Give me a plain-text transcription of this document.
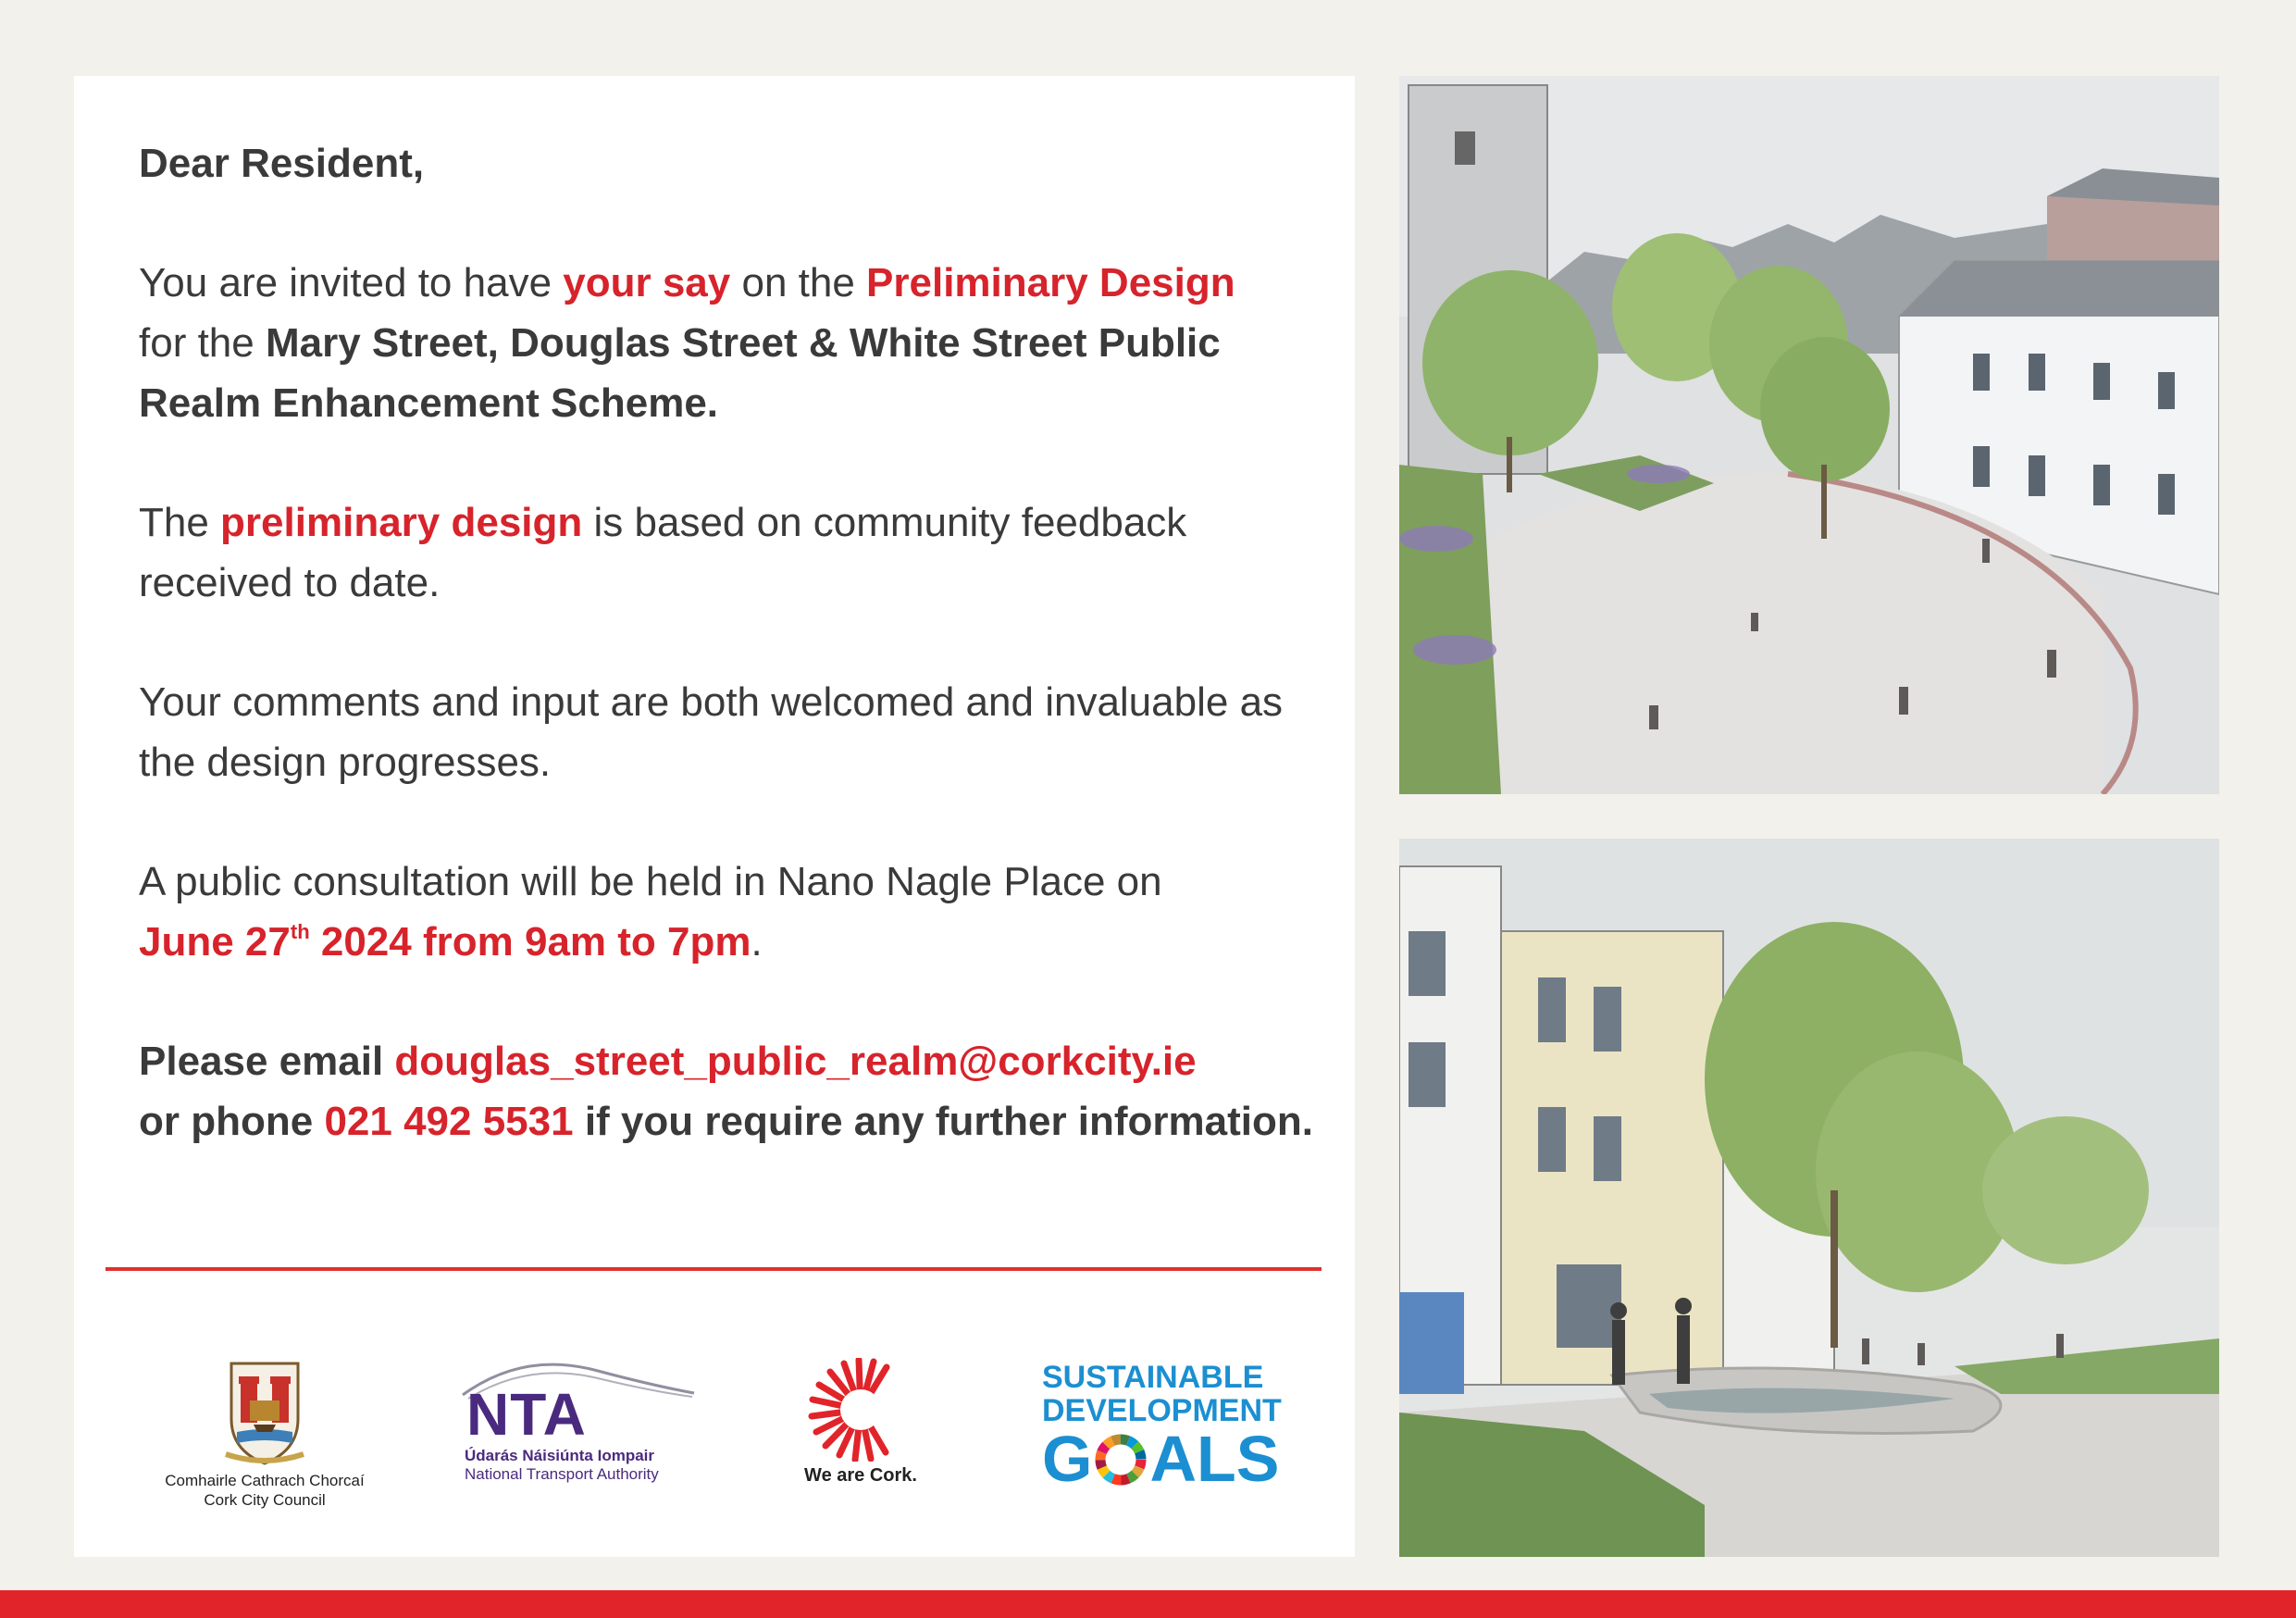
Dear Resident,

You are invited to have your say on the Preliminary Design
for the Mary Street, Douglas Street & White Street Public Realm Enhancement Scheme.

The preliminary design is based on community feedback received to date.

Your comments and input are both welcomed and invaluable as the design progresses.

A public consultation will be held in Nano Nagle Place on
June 27th 2024 from 9am to 7pm.

Please email douglas_street_public_realm@corkcity.ie
or phone 021 492 5531 if you require any further information.

Comhairle Cathrach Chorcaí
Cork City Council
NTA
Údarás Náisiúnta Iompair
National Transport Authority	We are Cork.
SUSTAINABLE
DEVELOPMENT
G ALS
